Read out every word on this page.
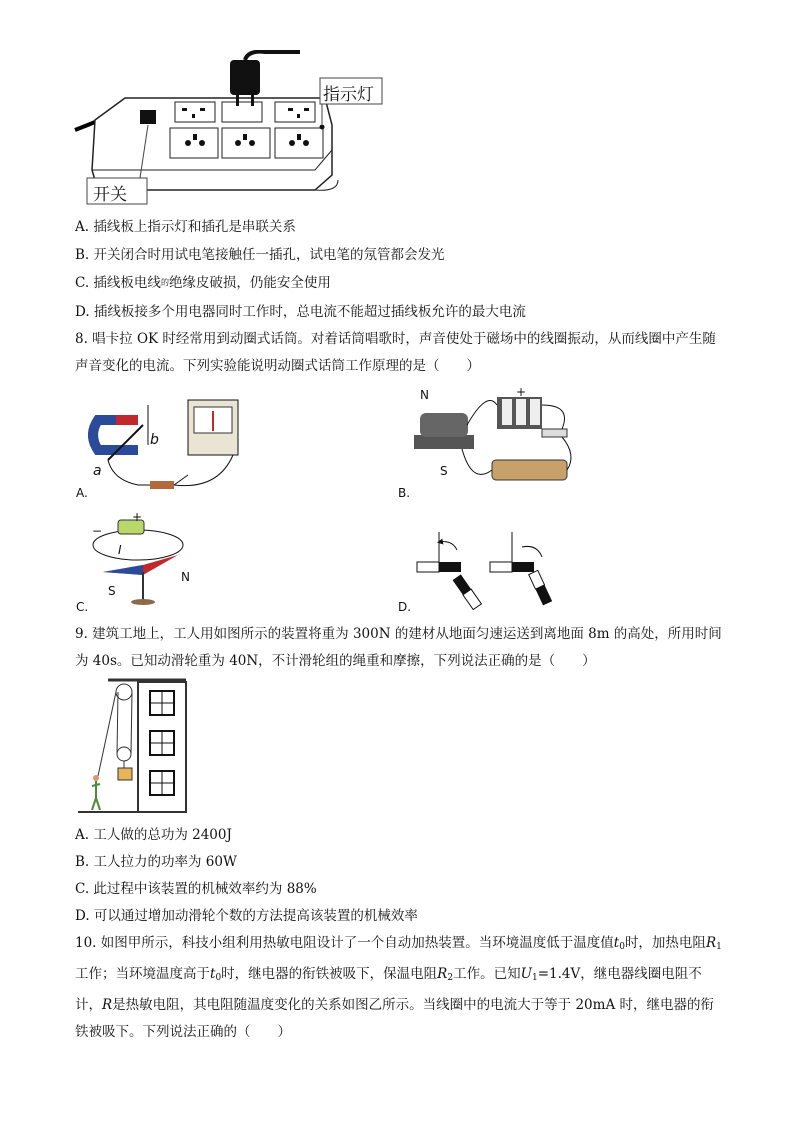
指示灯
开关
A. 插线板上指示灯和插孔是串联关系
B. 开关闭合时用试电笔接触任一插孔，试电笔的氖管都会发光
C. 插线板电线$^的$绝缘皮破损，仍能安全使用
D. 插线板接多个用电器同时工作时，总电流不能超过插线板允许的最大电流
8. 唱卡拉 OK 时经常用到动圈式话筒。对着话筒唱歌时，声音使处于磁场中的线圈振动，从而线圈中产生随声音变化的电流。下列实验能说明动圈式话筒工作原理的是（　　）
a
b
A.
N
S
+
B.
−
+
I
N
S
C.	D.
9. 建筑工地上，工人用如图所示的装置将重为 300N 的建材从地面匀速运送到离地面 8m 的高处，所用时间为 40s。已知动滑轮重为 40N，不计滑轮组的绳重和摩擦，下列说法正确的是（　　）
A. 工人做的总功为 2400J
B. 工人拉力的功率为 60W
C. 此过程中该装置的机械效率约为 88%
D. 可以通过增加动滑轮个数的方法提高该装置的机械效率
10. 如图甲所示，科技小组利用热敏电阻设计了一个自动加热装置。当环境温度低于温度值$t_0$时，加热电阻$R_1$工作；当环境温度高于$t_0$时，继电器的衔铁被吸下，保温电阻$R_2$工作。已知$U_1=1.4V$，继电器线圈电阻不计，R是热敏电阻，其电阻随温度变化的关系如图乙所示。当线圈中的电流大于等于 20mA 时，继电器的衔铁被吸下。下列说法正确的（　　）
